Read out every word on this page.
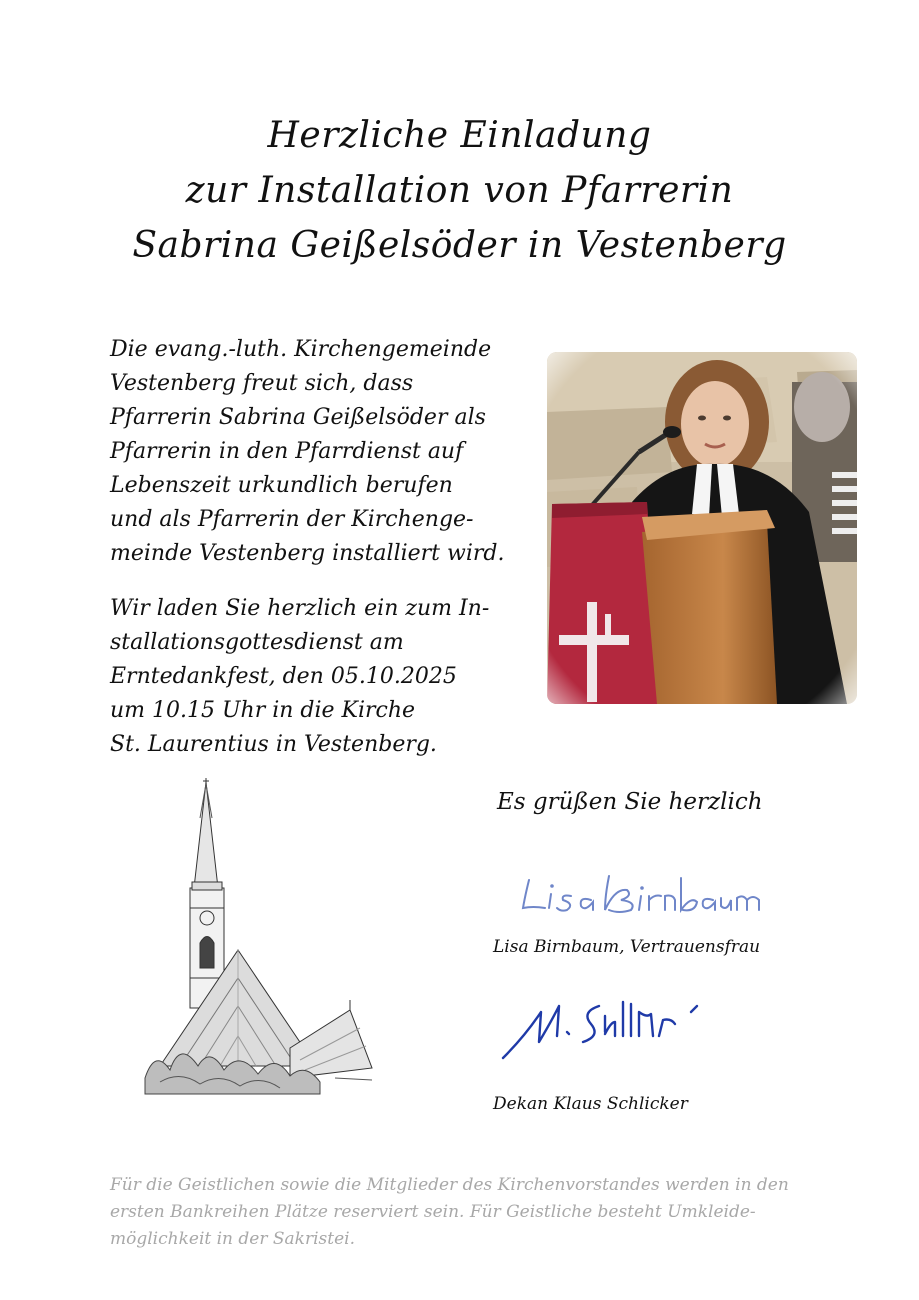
Herzliche Einladung
zur Installation von Pfarrerin
Sabrina Geißelsöder in Vestenberg
Die evang.-luth. Kirchengemeinde
Vestenberg freut sich, dass
Pfarrerin Sabrina Geißelsöder als
Pfarrerin in den Pfarrdienst auf
Lebenszeit urkundlich berufen
und als Pfarrerin der Kirchenge-
meinde Vestenberg installiert wird.
Wir laden Sie herzlich ein zum In-
stallationsgottesdienst am
Erntedankfest, den 05.10.2025
um 10.15 Uhr in die Kirche
St. Laurentius in Vestenberg.
Es grüßen Sie herzlich
Lisa Birnbaum, Vertrauensfrau
Dekan Klaus Schlicker
Für die Geistlichen sowie die Mitglieder des Kirchenvorstandes werden in den
ersten Bankreihen Plätze reserviert sein. Für Geistliche besteht Umkleide-
möglichkeit in der Sakristei.
